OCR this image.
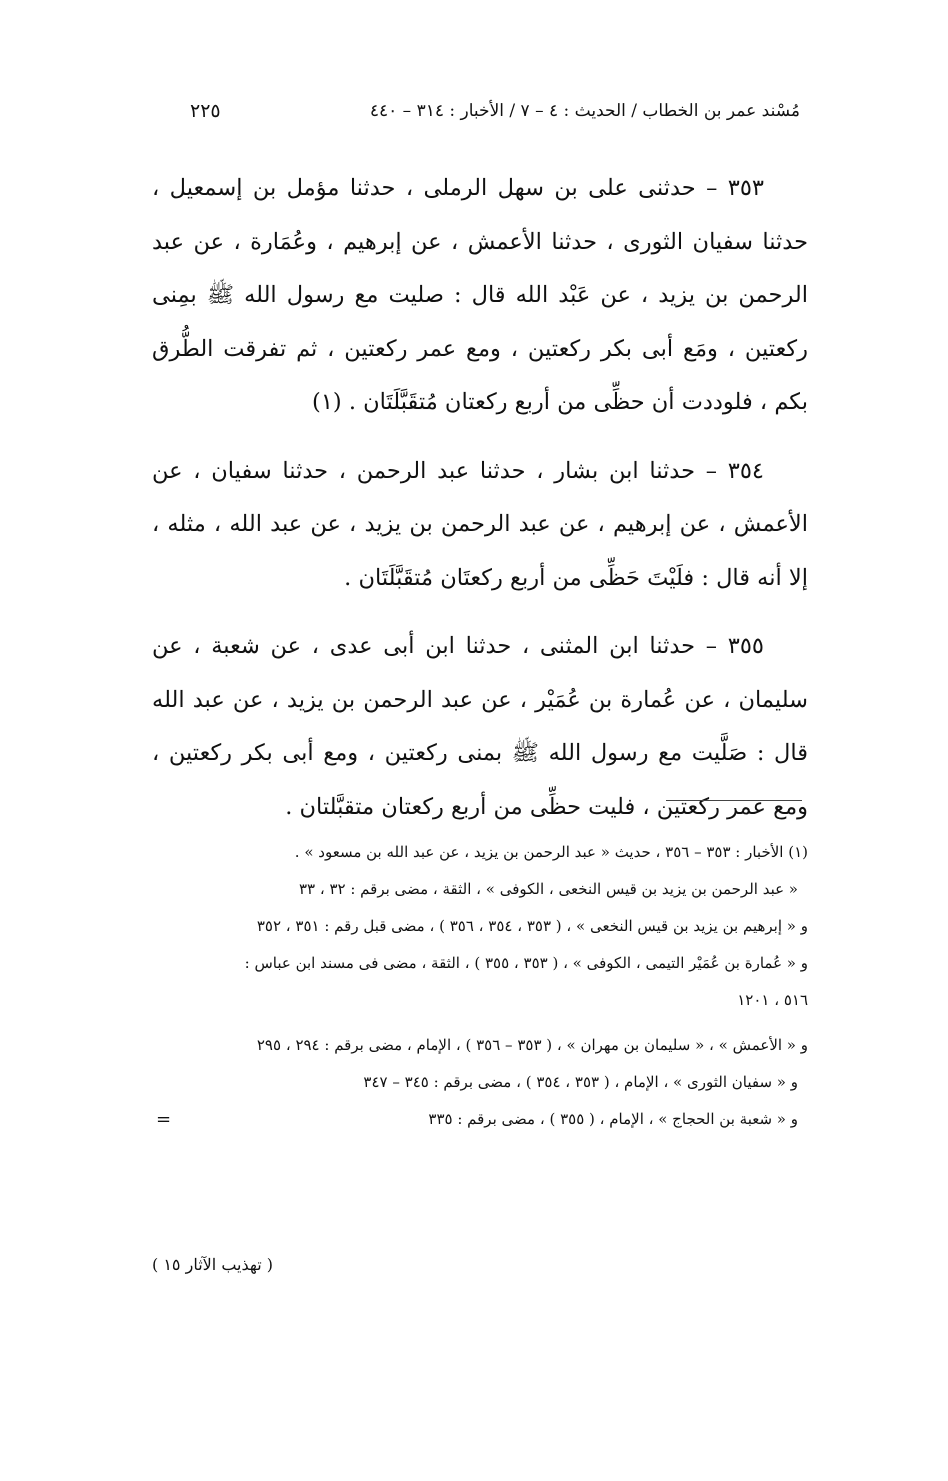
مُسْند عمر بن الخطاب / الحديث : ٤ – ٧ / الأخبار : ٣١٤ – ٤٤٠
٢٢٥

٣٥٣ – حدثنى على بن سهل الرملى ، حدثنا مؤمل بن إسمعيل ، حدثنا سفيان الثورى ، حدثنا الأعمش ، عن إبرهيم ، وعُمَارة ، عن عبد الرحمن بن يزيد ، عن عَبْد الله قال : صليت مع رسول الله ﷺ بمِنى ركعتين ، ومَع أبى بكر ركعتين ، ومع عمر ركعتين ، ثم تفرقت الطُّرق بكم ، فلوددت أن حظِّى من أربع ركعتان مُتقَبَّلَتَان . (١)

٣٥٤ – حدثنا ابن بشار ، حدثنا عبد الرحمن ، حدثنا سفيان ، عن الأعمش ، عن إبرهيم ، عن عبد الرحمن بن يزيد ، عن عبد الله ، مثله ، إلا أنه قال : فلَيْتَ حَظِّى من أربع ركعتَان مُتقَبَّلَتَان .

٣٥٥ – حدثنا ابن المثنى ، حدثنا ابن أبى عدى ، عن شعبة ، عن سليمان ، عن عُمارة بن عُمَيْر ، عن عبد الرحمن بن يزيد ، عن عبد الله قال : صَلَّيت مع رسول الله ﷺ بمنى ركعتين ، ومع أبى بكر ركعتين ، ومع عمر ركعتين ، فليت حظِّى من أربع ركعتان متقبَّلتان .

(١) الأخبار : ٣٥٣ – ٣٥٦ ، حديث « عبد الرحمن بن يزيد ، عن عبد الله بن مسعود » .

« عبد الرحمن بن يزيد بن قيس النخعى ، الكوفى » ، الثقة ، مضى برقم : ٣٢ ، ٣٣

و « إبرهيم بن يزيد بن قيس النخعى » ، ( ٣٥٣ ، ٣٥٤ ، ٣٥٦ ) ، مضى قبل رقم : ٣٥١ ، ٣٥٢

و « عُمارة بن عُمَيْر التيمى ، الكوفى » ، ( ٣٥٣ ، ٣٥٥ ) ، الثقة ، مضى فى مسند ابن عباس :

٥١٦ ، ١٢٠١

و « الأعمش » ، « سليمان بن مهران » ، ( ٣٥٣ – ٣٥٦ ) ، الإمام ، مضى برقم : ٢٩٤ ، ٢٩٥

و « سفيان الثورى » ، الإمام ، ( ٣٥٣ ، ٣٥٤ ) ، مضى برقم : ٣٤٥ – ٣٤٧

و « شعبة بن الحجاج » ، الإمام ، ( ٣٥٥ ) ، مضى برقم : ٣٣٥
=

( تهذيب الآثار ١٥ )
